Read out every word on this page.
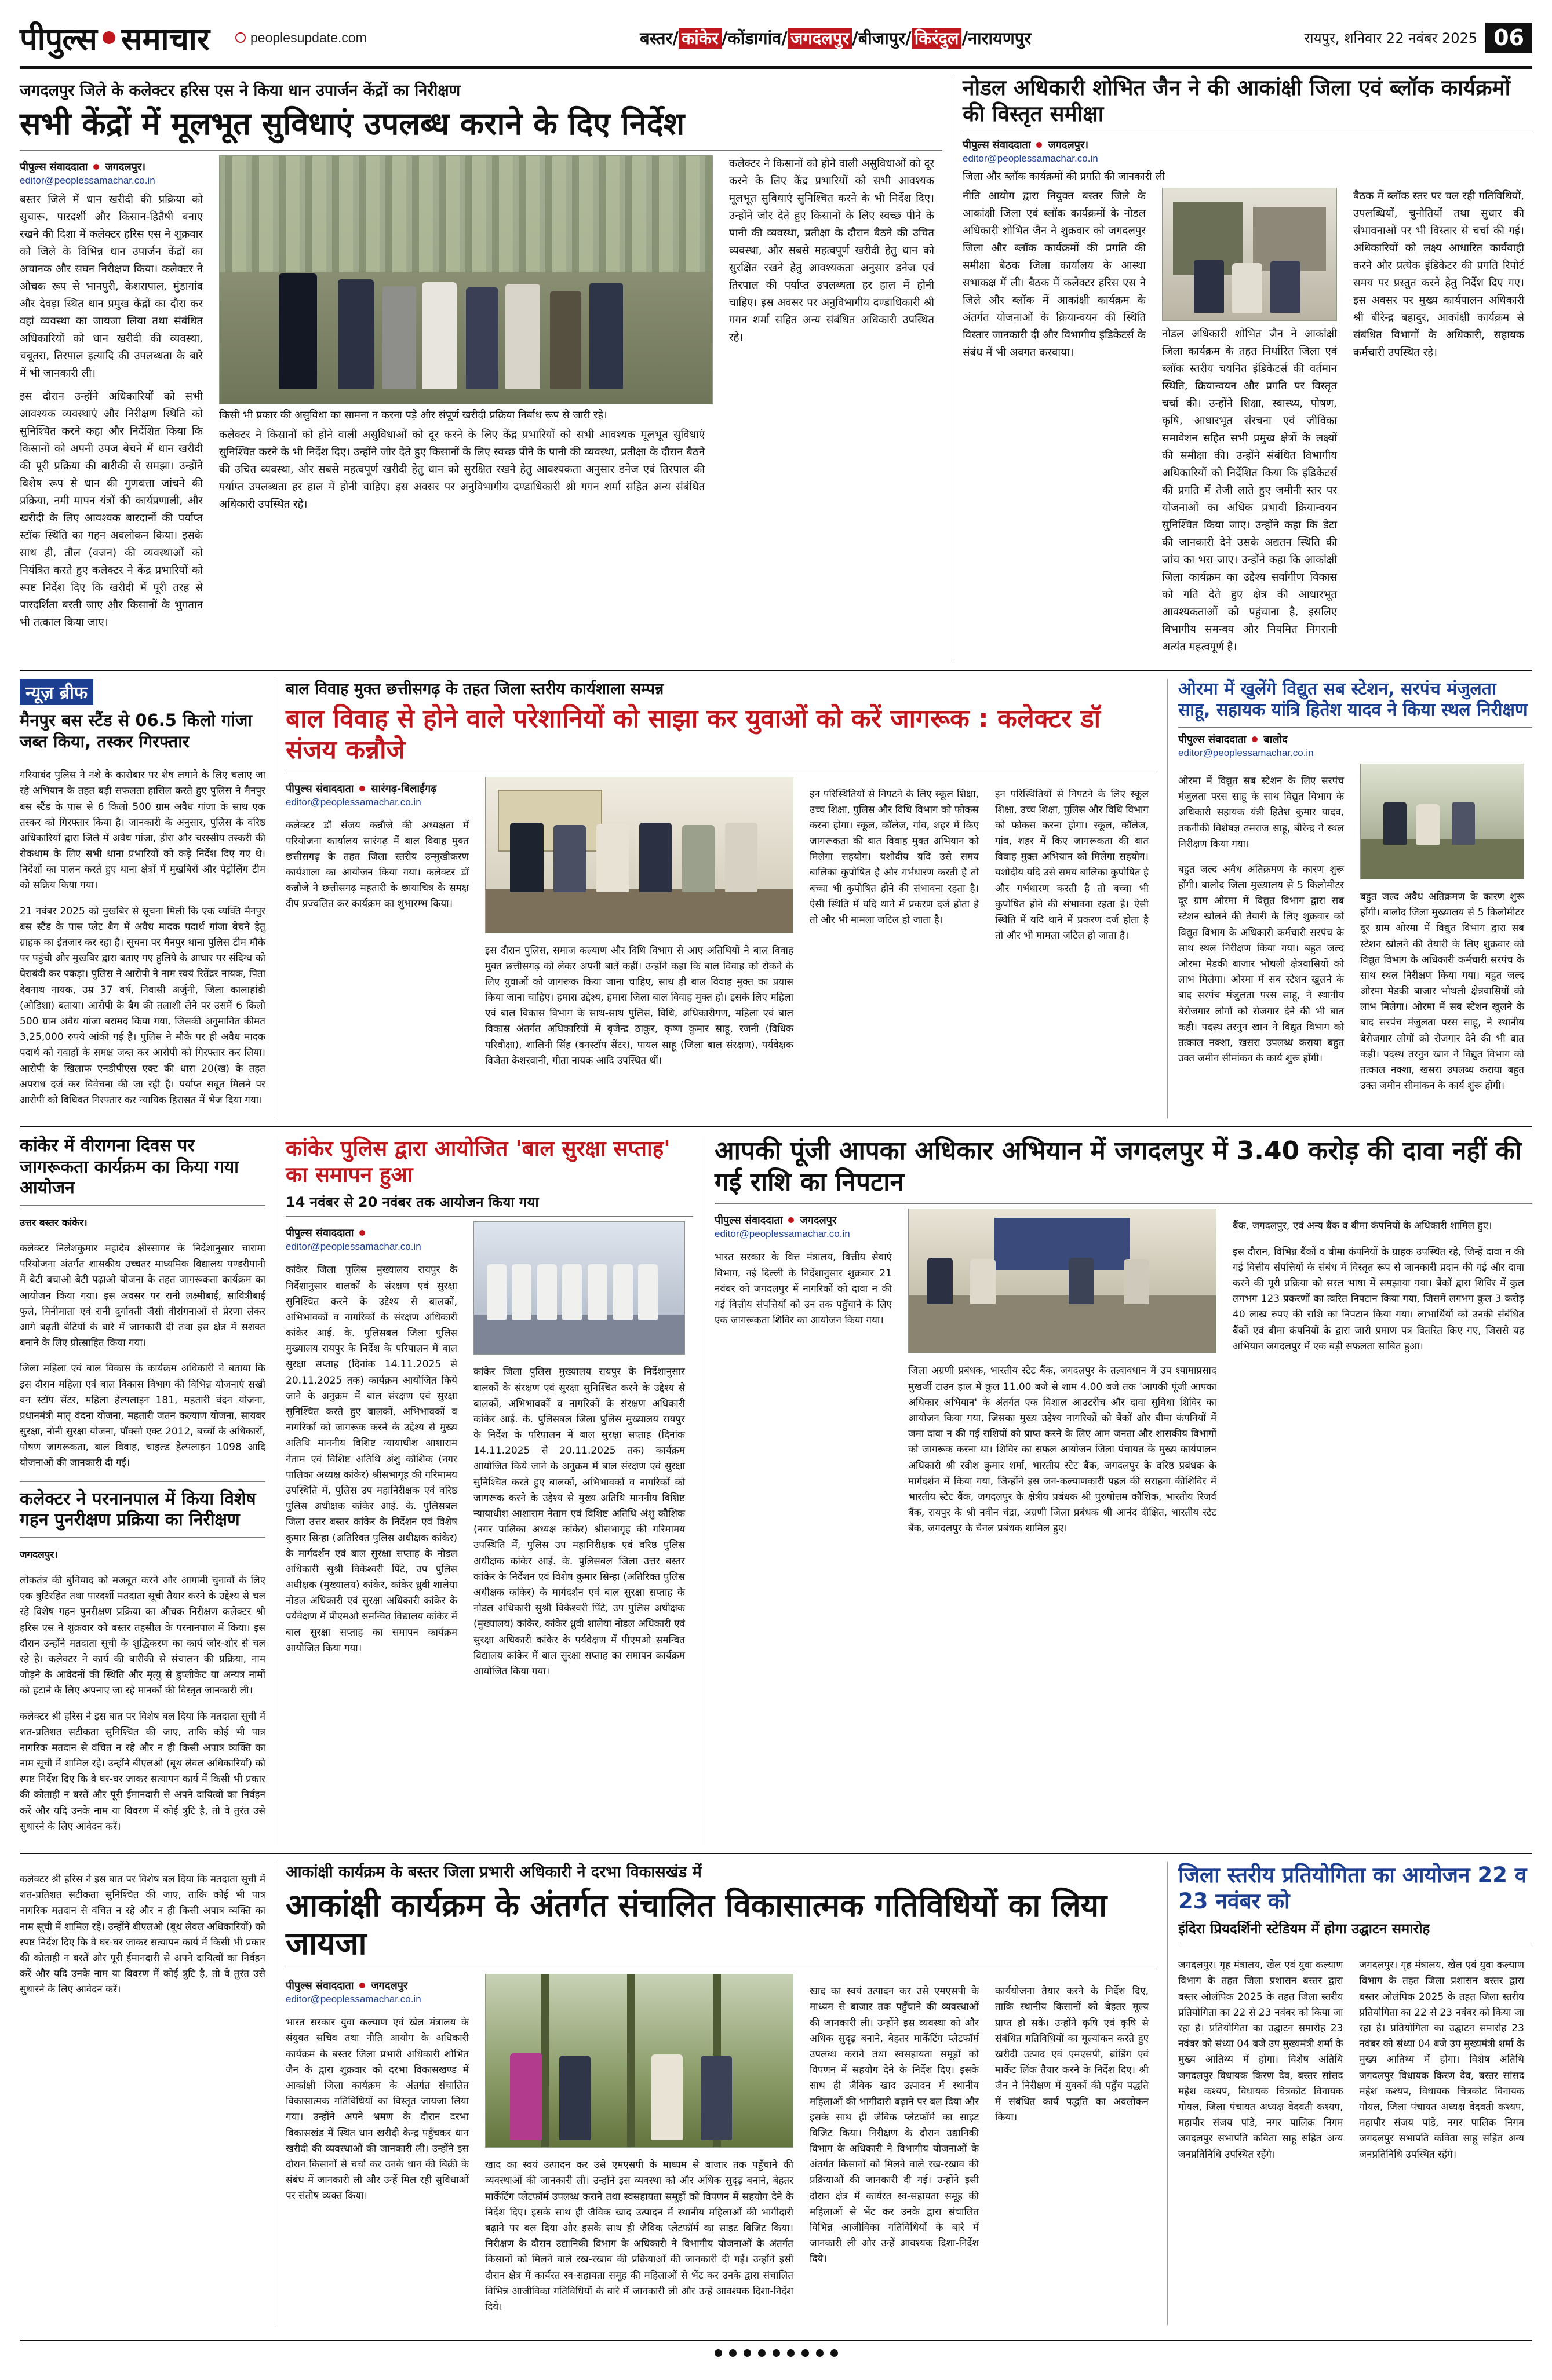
पीपुल्स समाचार	peoplesupdate.com	बस्तर/ कांकेर /कोंडागांव/ जगदलपुर /बीजापुर/ किरंदुल /नारायणपुर	रायपुर, शनिवार 22 नवंबर 2025 06
जगदलपुर जिले के कलेक्टर हरिस एस ने किया धान उपार्जन केंद्रों का निरीक्षण
सभी केंद्रों में मूलभूत सुविधाएं उपलब्ध कराने के दिए निर्देश
पीपुल्स संवाददाता जगदलपुर।
editor@peoplessamachar.co.in

बस्तर जिले में धान खरीदी की प्रक्रिया को सुचारू, पारदर्शी और किसान-हितैषी बनाए रखने की दिशा में कलेक्टर हरिस एस ने शुक्रवार को जिले के विभिन्न धान उपार्जन केंद्रों का अचानक और सघन निरीक्षण किया। कलेक्टर ने औचक रूप से भानपुरी, केशरापाल, मुंडागांव और देवड़ा स्थित धान प्रमुख केंद्रों का दौरा कर वहां व्यवस्था का जायजा लिया तथा संबंधित अधिकारियों को धान खरीदी की व्यवस्था, चबूतरा, तिरपाल इत्यादि की उपलब्धता के बारे में भी जानकारी ली।

इस दौरान उन्होंने अधिकारियों को सभी आवश्यक व्यवस्थाएं और निरीक्षण स्थिति को सुनिश्चित करने कहा और निर्देशित किया कि किसानों को अपनी उपज बेचने में धान खरीदी की पूरी प्रक्रिया की बारीकी से समझा। उन्होंने विशेष रूप से धान की गुणवत्ता जांचने की प्रक्रिया, नमी मापन यंत्रों की कार्यप्रणाली, और खरीदी के लिए आवश्यक बारदानों की पर्याप्त स्टॉक स्थिति का गहन अवलोकन किया। इसके साथ ही, तौल (वजन) की व्यवस्थाओं को नियंत्रित करते हुए कलेक्टर ने केंद्र प्रभारियों को स्पष्ट निर्देश दिए कि खरीदी में पूरी तरह से पारदर्शिता बरती जाए और किसानों के भुगतान भी तत्काल किया जाए।

किसी भी प्रकार की असुविधा का सामना न करना पड़े और संपूर्ण खरीदी प्रक्रिया निर्बाध रूप से जारी रहे।

कलेक्टर ने किसानों को होने वाली असुविधाओं को दूर करने के लिए केंद्र प्रभारियों को सभी आवश्यक मूलभूत सुविधाएं सुनिश्चित करने के भी निर्देश दिए। उन्होंने जोर देते हुए किसानों के लिए स्वच्छ पीने के पानी की व्यवस्था, प्रतीक्षा के दौरान बैठने की उचित व्यवस्था, और सबसे महत्वपूर्ण खरीदी हेतु धान को सुरक्षित रखने हेतु आवश्यकता अनुसार डनेज एवं तिरपाल की पर्याप्त उपलब्धता हर हाल में होनी चाहिए। इस अवसर पर अनुविभागीय दण्डाधिकारी श्री गगन शर्मा सहित अन्य संबंधित अधिकारी उपस्थित रहे।

कलेक्टर ने किसानों को होने वाली असुविधाओं को दूर करने के लिए केंद्र प्रभारियों को सभी आवश्यक मूलभूत सुविधाएं सुनिश्चित करने के भी निर्देश दिए। उन्होंने जोर देते हुए किसानों के लिए स्वच्छ पीने के पानी की व्यवस्था, प्रतीक्षा के दौरान बैठने की उचित व्यवस्था, और सबसे महत्वपूर्ण खरीदी हेतु धान को सुरक्षित रखने हेतु आवश्यकता अनुसार डनेज एवं तिरपाल की पर्याप्त उपलब्धता हर हाल में होनी चाहिए। इस अवसर पर अनुविभागीय दण्डाधिकारी श्री गगन शर्मा सहित अन्य संबंधित अधिकारी उपस्थित रहे।

नोडल अधिकारी शोभित जैन ने की आकांक्षी जिला एवं ब्लॉक कार्यक्रमों की विस्तृत समीक्षा
पीपुल्स संवाददाता जगदलपुर।
editor@peoplessamachar.co.in
जिला और ब्लॉक कार्यक्रमों की प्रगति की जानकारी ली

नीति आयोग द्वारा नियुक्त बस्तर जिले के आकांक्षी जिला एवं ब्लॉक कार्यक्रमों के नोडल अधिकारी शोभित जैन ने शुक्रवार को जगदलपुर जिला और ब्लॉक कार्यक्रमों की प्रगति की समीक्षा बैठक जिला कार्यालय के आस्था सभाकक्ष में ली। बैठक में कलेक्टर हरिस एस ने जिले और ब्लॉक में आकांक्षी कार्यक्रम के अंतर्गत योजनाओं के क्रियान्वयन की स्थिति विस्तार जानकारी दी और विभागीय इंडिकेटर्स के संबंध में भी अवगत करवाया।

नोडल अधिकारी शोभित जैन ने आकांक्षी जिला कार्यक्रम के तहत निर्धारित जिला एवं ब्लॉक स्तरीय चयनित इंडिकेटर्स की वर्तमान स्थिति, क्रियान्वयन और प्रगति पर विस्तृत चर्चा की। उन्होंने शिक्षा, स्वास्थ्य, पोषण, कृषि, आधारभूत संरचना एवं जीविका समावेशन सहित सभी प्रमुख क्षेत्रों के लक्ष्यों की समीक्षा की। उन्होंने संबंधित विभागीय अधिकारियों को निर्देशित किया कि इंडिकेटर्स की प्रगति में तेजी लाते हुए जमीनी स्तर पर योजनाओं का अधिक प्रभावी क्रियान्वयन सुनिश्चित किया जाए। उन्होंने कहा कि डेटा की जानकारी देने उसके अद्यतन स्थिति की जांच का भरा जाए। उन्होंने कहा कि आकांक्षी जिला कार्यक्रम का उद्देश्य सर्वांगीण विकास को गति देते हुए क्षेत्र की आधारभूत आवश्यकताओं को पहुंचाना है, इसलिए विभागीय समन्वय और नियमित निगरानी अत्यंत महत्वपूर्ण है।

बैठक में ब्लॉक स्तर पर चल रही गतिविधियों, उपलब्धियों, चुनौतियों तथा सुधार की संभावनाओं पर भी विस्तार से चर्चा की गई। अधिकारियों को लक्ष्य आधारित कार्यवाही करने और प्रत्येक इंडिकेटर की प्रगति रिपोर्ट समय पर प्रस्तुत करने हेतु निर्देश दिए गए। इस अवसर पर मुख्य कार्यपालन अधिकारी श्री बीरेन्द्र बहादुर, आकांक्षी कार्यक्रम से संबंधित विभागों के अधिकारी, सहायक कर्मचारी उपस्थित रहे।

न्यूज़ ब्रीफ
मैनपुर बस स्टैंड से 06.5 किलो गांजा जब्त किया, तस्कर गिरफ्तार

गरियाबंद पुलिस ने नशे के कारोबार पर शेष लगाने के लिए चलाए जा रहे अभियान के तहत बड़ी सफलता हासिल करते हुए पुलिस ने मैनपुर बस स्टैंड के पास से 6 किलो 500 ग्राम अवैध गांजा के साथ एक तस्कर को गिरफ्तार किया है। जानकारी के अनुसार, पुलिस के वरिष्ठ अधिकारियों द्वारा जिले में अवैध गांजा, हीरा और चरस्सीय तस्करी की रोकथाम के लिए सभी थाना प्रभारियों को कड़े निर्देश दिए गए थे। निर्देशों का पालन करते हुए थाना क्षेत्रों में मुखबिरों और पेट्रोलिंग टीम को सक्रिय किया गया।

21 नवंबर 2025 को मुखबिर से सूचना मिली कि एक व्यक्ति मैनपुर बस स्टैंड के पास प्लेट बैग में अवैध मादक पदार्थ गांजा बेचने हेतु ग्राहक का इंतजार कर रहा है। सूचना पर मैनपुर थाना पुलिस टीम मौके पर पहुंची और मुखबिर द्वारा बताए गए हुलिये के आधार पर संदिग्ध को घेराबंदी कर पकड़ा। पुलिस ने आरोपी ने नाम स्वयं रितेंद्रर नायक, पिता देवनाथ नायक, उम्र 37 वर्ष, निवासी अर्जुनी, जिला कालाहांडी (ओडिशा) बताया। आरोपी के बैग की तलाशी लेने पर उसमें 6 किलो 500 ग्राम अवैध गांजा बरामद किया गया, जिसकी अनुमानित कीमत 3,25,000 रुपये आंकी गई है। पुलिस ने मौके पर ही अवैध मादक पदार्थ को गवाहों के समक्ष जब्त कर आरोपी को गिरफ्तार कर लिया। आरोपी के खिलाफ एनडीपीएस एक्ट की धारा 20(ख) के तहत अपराध दर्ज कर विवेचना की जा रही है। पर्याप्त सबूत मिलने पर आरोपी को विधिवत गिरफ्तार कर न्यायिक हिरासत में भेज दिया गया।

बाल विवाह मुक्त छत्तीसगढ़ के तहत जिला स्तरीय कार्यशाला सम्पन्न
बाल विवाह से होने वाले परेशानियों को साझा कर युवाओं को करें जागरूक : कलेक्टर डॉ संजय कन्नौजे
पीपुल्स संवाददाता सारंगढ़-बिलाईगढ़
editor@peoplessamachar.co.in

कलेक्टर डॉ संजय कन्नौजे की अध्यक्षता में परियोजना कार्यालय सारंगढ़ में बाल विवाह मुक्त छत्तीसगढ़ के तहत जिला स्तरीय उन्मुखीकरण कार्यशाला का आयोजन किया गया। कलेक्टर डॉ कन्नौजे ने छत्तीसगढ़ महतारी के छायाचित्र के समक्ष दीप प्रज्वलित कर कार्यक्रम का शुभारम्भ किया।

इस दौरान पुलिस, समाज कल्याण और विधि विभाग से आए अतिथियों ने बाल विवाह मुक्त छत्तीसगढ़ को लेकर अपनी बातें कहीं। उन्होंने कहा कि बाल विवाह को रोकने के लिए युवाओं को जागरूक किया जाना चाहिए, साथ ही बाल विवाह मुक्त का प्रयास किया जाना चाहिए। हमारा उद्देश्य, हमारा जिला बाल विवाह मुक्त हो। इसके लिए महिला एवं बाल विकास विभाग के साथ-साथ पुलिस, विधि, अधिकारीगण, महिला एवं बाल विकास अंतर्गत अधिकारियों में बृजेन्द्र ठाकुर, कृष्ण कुमार साहू, रजनी (विधिक परिवीक्षा), शालिनी सिंह (वनस्टॉप सेंटर), पायल साहू (जिला बाल संरक्षण), पर्यवेक्षक विजेता केशरवानी, गीता नायक आदि उपस्थित थीं।

इन परिस्थितियों से निपटने के लिए स्कूल शिक्षा, उच्च शिक्षा, पुलिस और विधि विभाग को फोकस करना होगा। स्कूल, कॉलेज, गांव, शहर में किए जागरूकता की बात विवाह मुक्त अभियान को मिलेगा सहयोग। यशोदीय यदि उसे समय बालिका कुपोषित है और गर्भधारण करती है तो बच्चा भी कुपोषित होने की संभावना रहता है। ऐसी स्थिति में यदि थाने में प्रकरण दर्ज होता है तो और भी मामला जटिल हो जाता है।

इन परिस्थितियों से निपटने के लिए स्कूल शिक्षा, उच्च शिक्षा, पुलिस और विधि विभाग को फोकस करना होगा। स्कूल, कॉलेज, गांव, शहर में किए जागरूकता की बात विवाह मुक्त अभियान को मिलेगा सहयोग। यशोदीय यदि उसे समय बालिका कुपोषित है और गर्भधारण करती है तो बच्चा भी कुपोषित होने की संभावना रहता है। ऐसी स्थिति में यदि थाने में प्रकरण दर्ज होता है तो और भी मामला जटिल हो जाता है।

ओरमा में खुलेंगे विद्युत सब स्टेशन, सरपंच मंजुलता साहू, सहायक यांत्रि हितेश यादव ने किया स्थल निरीक्षण
पीपुल्स संवाददाता बालोद
editor@peoplessamachar.co.in

ओरमा में विद्युत सब स्टेशन के लिए सरपंच मंजुलता परस साहू के साथ विद्युत विभाग के अधिकारी सहायक यंत्री हितेश कुमार यादव, तकनीकी विशेषज्ञ तमराज साहू, बीरेन्द्र ने स्थल निरीक्षण किया गया।

बहुत जल्द अवैध अतिक्रमण के कारण शुरू होंगी। बालोद जिला मुख्यालय से 5 किलोमीटर दूर ग्राम ओरमा में विद्युत विभाग द्वारा सब स्टेशन खोलने की तैयारी के लिए शुक्रवार को विद्युत विभाग के अधिकारी कर्मचारी सरपंच के साथ स्थल निरीक्षण किया गया। बहुत जल्द ओरमा मेडकी बाजार भोथली क्षेत्रवासियों को लाभ मिलेगा। ओरमा में सब स्टेशन खुलने के बाद सरपंच मंजुलता परस साहू, ने स्थानीय बेरोजगार लोगों को रोजगार देने की भी बात कही। पदस्थ तरनुन खान ने विद्युत विभाग को तत्काल नक्शा, खसरा उपलब्ध कराया बहुत उक्त जमीन सीमांकन के कार्य शुरू होंगी।

बहुत जल्द अवैध अतिक्रमण के कारण शुरू होंगी। बालोद जिला मुख्यालय से 5 किलोमीटर दूर ग्राम ओरमा में विद्युत विभाग द्वारा सब स्टेशन खोलने की तैयारी के लिए शुक्रवार को विद्युत विभाग के अधिकारी कर्मचारी सरपंच के साथ स्थल निरीक्षण किया गया। बहुत जल्द ओरमा मेडकी बाजार भोथली क्षेत्रवासियों को लाभ मिलेगा। ओरमा में सब स्टेशन खुलने के बाद सरपंच मंजुलता परस साहू, ने स्थानीय बेरोजगार लोगों को रोजगार देने की भी बात कही। पदस्थ तरनुन खान ने विद्युत विभाग को तत्काल नक्शा, खसरा उपलब्ध कराया बहुत उक्त जमीन सीमांकन के कार्य शुरू होंगी।

कांकेर में वीरागना दिवस पर जागरूकता कार्यक्रम का किया गया आयोजन

उत्तर बस्तर कांकेर।

कलेक्टर निलेशकुमार महादेव क्षीरसागर के निर्देशानुसार चारामा परियोजना अंतर्गत शासकीय उच्चतर माध्यमिक विद्यालय पण्डरीपानी में बेटी बचाओ बेटी पढ़ाओ योजना के तहत जागरूकता कार्यक्रम का आयोजन किया गया। इस अवसर पर रानी लक्ष्मीबाई, सावित्रीबाई फुले, मिनीमाता एवं रानी दुर्गावती जैसी वीरांगनाओं से प्रेरणा लेकर आगे बढ़ती बेटियों के बारे में जानकारी दी तथा इस क्षेत्र में सशक्त बनाने के लिए प्रोत्साहित किया गया।

जिला महिला एवं बाल विकास के कार्यक्रम अधिकारी ने बताया कि इस दौरान महिला एवं बाल विकास विभाग की विभिन्न योजनाएं सखी वन स्टॉप सेंटर, महिला हेल्पलाइन 181, महतारी वंदन योजना, प्रधानमंत्री मातृ वंदना योजना, महतारी जतन कल्याण योजना, सायबर सुरक्षा, नोनी सुरक्षा योजना, पॉक्सो एक्ट 2012, बच्चों के अधिकारों, पोषण जागरूकता, बाल विवाह, चाइल्ड हेल्पलाइन 1098 आदि योजनाओं की जानकारी दी गई।

कलेक्टर ने परनानपाल में किया विशेष गहन पुनरीक्षण प्रक्रिया का निरीक्षण

जगदलपुर।

लोकतंत्र की बुनियाद को मजबूत करने और आगामी चुनावों के लिए एक त्रुटिरहित तथा पारदर्शी मतदाता सूची तैयार करने के उद्देश्य से चल रहे विशेष गहन पुनरीक्षण प्रक्रिया का औचक निरीक्षण कलेक्टर श्री हरिस एस ने शुक्रवार को बस्तर तहसील के परनानपाल में किया। इस दौरान उन्होंने मतदाता सूची के शुद्धिकरण का कार्य जोर-शोर से चल रहे है। कलेक्टर ने कार्य की बारीकी से संचालन की प्रक्रिया, नाम जोड़ने के आवेदनों की स्थिति और मृत्यु से डुप्लीकेट या अन्यत्र नामों को हटाने के लिए अपनाए जा रहे मानकों की विस्तृत जानकारी ली।

कलेक्टर श्री हरिस ने इस बात पर विशेष बल दिया कि मतदाता सूची में शत-प्रतिशत सटीकता सुनिश्चित की जाए, ताकि कोई भी पात्र नागरिक मतदान से वंचित न रहे और न ही किसी अपात्र व्यक्ति का नाम सूची में शामिल रहे। उन्होंने बीएलओ (बूथ लेवल अधिकारियों) को स्पष्ट निर्देश दिए कि वे घर-घर जाकर सत्यापन कार्य में किसी भी प्रकार की कोताही न बरतें और पूरी ईमानदारी से अपने दायित्वों का निर्वहन करें और यदि उनके नाम या विवरण में कोई त्रुटि है, तो वे तुरंत उसे सुधारने के लिए आवेदन करें।

कांकेर पुलिस द्वारा आयोजित 'बाल सुरक्षा सप्ताह' का समापन हुआ
14 नवंबर से 20 नवंबर तक आयोजन किया गया
पीपुल्स संवाददाता
editor@peoplessamachar.co.in

कांकेर जिला पुलिस मुख्यालय रायपुर के निर्देशानुसार बालकों के संरक्षण एवं सुरक्षा सुनिश्चित करने के उद्देश्य से बालकों, अभिभावकों व नागरिकों के संरक्षण अधिकारी कांकेर आई. के. पुलिसबल जिला पुलिस मुख्यालय रायपुर के निर्देश के परिपालन में बाल सुरक्षा सप्ताह (दिनांक 14.11.2025 से 20.11.2025 तक) कार्यक्रम आयोजित किये जाने के अनुक्रम में बाल संरक्षण एवं सुरक्षा सुनिश्चित करते हुए बालकों, अभिभावकों व नागरिकों को जागरूक करने के उद्देश्य से मुख्य अतिथि माननीय विशिष्ट न्यायाधीश आशाराम नेताम एवं विशिष्ट अतिथि अंशु कौशिक (नगर पालिका अध्यक्ष कांकेर) श्रीसभागृह की गरिमामय उपस्थिति में, पुलिस उप महानिरीक्षक एवं वरिष्ठ पुलिस अधीक्षक कांकेर आई. के. पुलिसबल जिला उत्तर बस्तर कांकेर के निर्देशन एवं विशेष कुमार सिन्हा (अतिरिक्त पुलिस अधीक्षक कांकेर) के मार्गदर्शन एवं बाल सुरक्षा सप्ताह के नोडल अधिकारी सुश्री विकेश्वरी पिंटे, उप पुलिस अधीक्षक (मुख्यालय) कांकेर, कांकेर ध्रुवी शालेया नोडल अधिकारी एवं सुरक्षा अधिकारी कांकेर के पर्यवेक्षण में पीएमओ समन्वित विद्यालय कांकेर में बाल सुरक्षा सप्ताह का समापन कार्यक्रम आयोजित किया गया।

कांकेर जिला पुलिस मुख्यालय रायपुर के निर्देशानुसार बालकों के संरक्षण एवं सुरक्षा सुनिश्चित करने के उद्देश्य से बालकों, अभिभावकों व नागरिकों के संरक्षण अधिकारी कांकेर आई. के. पुलिसबल जिला पुलिस मुख्यालय रायपुर के निर्देश के परिपालन में बाल सुरक्षा सप्ताह (दिनांक 14.11.2025 से 20.11.2025 तक) कार्यक्रम आयोजित किये जाने के अनुक्रम में बाल संरक्षण एवं सुरक्षा सुनिश्चित करते हुए बालकों, अभिभावकों व नागरिकों को जागरूक करने के उद्देश्य से मुख्य अतिथि माननीय विशिष्ट न्यायाधीश आशाराम नेताम एवं विशिष्ट अतिथि अंशु कौशिक (नगर पालिका अध्यक्ष कांकेर) श्रीसभागृह की गरिमामय उपस्थिति में, पुलिस उप महानिरीक्षक एवं वरिष्ठ पुलिस अधीक्षक कांकेर आई. के. पुलिसबल जिला उत्तर बस्तर कांकेर के निर्देशन एवं विशेष कुमार सिन्हा (अतिरिक्त पुलिस अधीक्षक कांकेर) के मार्गदर्शन एवं बाल सुरक्षा सप्ताह के नोडल अधिकारी सुश्री विकेश्वरी पिंटे, उप पुलिस अधीक्षक (मुख्यालय) कांकेर, कांकेर ध्रुवी शालेया नोडल अधिकारी एवं सुरक्षा अधिकारी कांकेर के पर्यवेक्षण में पीएमओ समन्वित विद्यालय कांकेर में बाल सुरक्षा सप्ताह का समापन कार्यक्रम आयोजित किया गया।

आपकी पूंजी आपका अधिकार अभियान में जगदलपुर में 3.40 करोड़ की दावा नहीं की गई राशि का निपटान
पीपुल्स संवाददाता जगदलपुर
editor@peoplessamachar.co.in

भारत सरकार के वित्त मंत्रालय, वित्तीय सेवाएं विभाग, नई दिल्ली के निर्देशानुसार शुक्रवार 21 नवंबर को जगदलपुर में नागरिकों को दावा न की गई वित्तीय संपत्तियों को उन तक पहुँचाने के लिए एक जागरूकता शिविर का आयोजन किया गया।

जिला अग्रणी प्रबंधक, भारतीय स्टेट बैंक, जगदलपुर के तत्वावधान में उप श्यामाप्रसाद मुखर्जी टाउन हाल में कुल 11.00 बजे से शाम 4.00 बजे तक 'आपकी पूंजी आपका अधिकार अभियान' के अंतर्गत एक विशाल आउटरीच और दावा सुविधा शिविर का आयोजन किया गया, जिसका मुख्य उद्देश्य नागरिकों को बैंकों और बीमा कंपनियों में जमा दावा न की गई राशियों को प्राप्त करने के लिए आम जनता और शासकीय विभागों को जागरूक करना था। शिविर का सफल आयोजन जिला पंचायत के मुख्य कार्यपालन अधिकारी श्री रवीश कुमार शर्मा, भारतीय स्टेट बैंक, जगदलपुर के वरिष्ठ प्रबंधक के मार्गदर्शन में किया गया, जिन्होंने इस जन-कल्याणकारी पहल की सराहना कीशिविर में भारतीय स्टेट बैंक, जगदलपुर के क्षेत्रीय प्रबंधक श्री पुरुषोत्तम कौशिक, भारतीय रिजर्व बैंक, रायपुर के श्री नवीन चंद्रा, अग्रणी जिला प्रबंधक श्री आनंद दीक्षित, भारतीय स्टेट बैंक, जगदलपुर के चैनल प्रबंधक शामिल हुए।

बैंक, जगदलपुर, एवं अन्य बैंक व बीमा कंपनियों के अधिकारी शामिल हुए।

इस दौरान, विभिन्न बैंकों व बीमा कंपनियों के ग्राहक उपस्थित रहे, जिन्हें दावा न की गई वित्तीय संपत्तियों के संबंध में विस्तृत रूप से जानकारी प्रदान की गई और दावा करने की पूरी प्रक्रिया को सरल भाषा में समझाया गया। बैंकों द्वारा शिविर में कुल लगभग 123 प्रकरणों का त्वरित निपटान किया गया, जिसमें लगभग कुल 3 करोड़ 40 लाख रुपए की राशि का निपटान किया गया। लाभार्थियों को उनकी संबंधित बैंकों एवं बीमा कंपनियों के द्वारा जारी प्रमाण पत्र वितरित किए गए, जिससे यह अभियान जगदलपुर में एक बड़ी सफलता साबित हुआ।

कलेक्टर श्री हरिस ने इस बात पर विशेष बल दिया कि मतदाता सूची में शत-प्रतिशत सटीकता सुनिश्चित की जाए, ताकि कोई भी पात्र नागरिक मतदान से वंचित न रहे और न ही किसी अपात्र व्यक्ति का नाम सूची में शामिल रहे। उन्होंने बीएलओ (बूथ लेवल अधिकारियों) को स्पष्ट निर्देश दिए कि वे घर-घर जाकर सत्यापन कार्य में किसी भी प्रकार की कोताही न बरतें और पूरी ईमानदारी से अपने दायित्वों का निर्वहन करें और यदि उनके नाम या विवरण में कोई त्रुटि है, तो वे तुरंत उसे सुधारने के लिए आवेदन करें।

आकांक्षी कार्यक्रम के बस्तर जिला प्रभारी अधिकारी ने दरभा विकासखंड में
आकांक्षी कार्यक्रम के अंतर्गत संचालित विकासात्मक गतिविधियों का लिया जायजा
पीपुल्स संवाददाता जगदलपुर
editor@peoplessamachar.co.in

भारत सरकार युवा कल्याण एवं खेल मंत्रालय के संयुक्त सचिव तथा नीति आयोग के अधिकारी कार्यक्रम के बस्तर जिला प्रभारी अधिकारी शोभित जैन के द्वारा शुक्रवार को दरभा विकासखण्ड में आकांक्षी जिला कार्यक्रम के अंतर्गत संचालित विकासात्मक गतिविधियों का विस्तृत जायजा लिया गया। उन्होंने अपने भ्रमण के दौरान दरभा विकासखंड में स्थित धान खरीदी केन्द्र पहुँचकर धान खरीदी की व्यवस्थाओं की जानकारी ली। उन्होंने इस दौरान किसानों से चर्चा कर उनके धान की बिक्री के संबंध में जानकारी ली और उन्हें मिल रही सुविधाओं पर संतोष व्यक्त किया।

खाद का स्वयं उत्पादन कर उसे एमएसपी के माध्यम से बाजार तक पहुँचाने की व्यवस्थाओं की जानकारी ली। उन्होंने इस व्यवस्था को और अधिक सुदृढ़ बनाने, बेहतर मार्केटिंग प्लेटफॉर्म उपलब्ध कराने तथा स्वसहायता समूहों को विपणन में सहयोग देने के निर्देश दिए। इसके साथ ही जैविक खाद उत्पादन में स्थानीय महिलाओं की भागीदारी बढ़ाने पर बल दिया और इसके साथ ही जैविक प्लेटफॉर्म का साइट विजिट किया। निरीक्षण के दौरान उद्यानिकी विभाग के अधिकारी ने विभागीय योजनाओं के अंतर्गत किसानों को मिलने वाले रख-रखाव की प्रक्रियाओं की जानकारी दी गई। उन्होंने इसी दौरान क्षेत्र में कार्यरत स्व-सहायता समूह की महिलाओं से भेंट कर उनके द्वारा संचालित विभिन्न आजीविका गतिविधियों के बारे में जानकारी ली और उन्हें आवश्यक दिशा-निर्देश दिये।

खाद का स्वयं उत्पादन कर उसे एमएसपी के माध्यम से बाजार तक पहुँचाने की व्यवस्थाओं की जानकारी ली। उन्होंने इस व्यवस्था को और अधिक सुदृढ़ बनाने, बेहतर मार्केटिंग प्लेटफॉर्म उपलब्ध कराने तथा स्वसहायता समूहों को विपणन में सहयोग देने के निर्देश दिए। इसके साथ ही जैविक खाद उत्पादन में स्थानीय महिलाओं की भागीदारी बढ़ाने पर बल दिया और इसके साथ ही जैविक प्लेटफॉर्म का साइट विजिट किया। निरीक्षण के दौरान उद्यानिकी विभाग के अधिकारी ने विभागीय योजनाओं के अंतर्गत किसानों को मिलने वाले रख-रखाव की प्रक्रियाओं की जानकारी दी गई। उन्होंने इसी दौरान क्षेत्र में कार्यरत स्व-सहायता समूह की महिलाओं से भेंट कर उनके द्वारा संचालित विभिन्न आजीविका गतिविधियों के बारे में जानकारी ली और उन्हें आवश्यक दिशा-निर्देश दिये।

कार्ययोजना तैयार करने के निर्देश दिए, ताकि स्थानीय किसानों को बेहतर मूल्य प्राप्त हो सकें। उन्होंने कृषि एवं कृषि से संबंधित गतिविधियों का मूल्यांकन करते हुए खरीदी उत्पाद एवं एमएसपी, ब्रांडिंग एवं मार्केट लिंक तैयार करने के निर्देश दिए। श्री जैन ने निरीक्षण में युवकों की पहुँच पद्धति में संबंधित कार्य पद्धति का अवलोकन किया।

जिला स्तरीय प्रतियोगिता का आयोजन 22 व 23 नवंबर को
इंदिरा प्रियदर्शिनी स्टेडियम में होगा उद्घाटन समारोह

जगदलपुर। गृह मंत्रालय, खेल एवं युवा कल्याण विभाग के तहत जिला प्रशासन बस्तर द्वारा बस्तर ओलंपिक 2025 के तहत जिला स्तरीय प्रतियोगिता का 22 से 23 नवंबर को किया जा रहा है। प्रतियोगिता का उद्घाटन समारोह 23 नवंबर को संध्या 04 बजे उप मुख्यमंत्री शर्मा के मुख्य आतिथ्य में होगा। विशेष अतिथि जगदलपुर विधायक किरण देव, बस्तर सांसद महेश कश्यप, विधायक चित्रकोट विनायक गोयल, जिला पंचायत अध्यक्ष वेदवती कश्यप, महापौर संजय पांडे, नगर पालिक निगम जगदलपुर सभापति कविता साहू सहित अन्य जनप्रतिनिधि उपस्थित रहेंगे।

जगदलपुर। गृह मंत्रालय, खेल एवं युवा कल्याण विभाग के तहत जिला प्रशासन बस्तर द्वारा बस्तर ओलंपिक 2025 के तहत जिला स्तरीय प्रतियोगिता का 22 से 23 नवंबर को किया जा रहा है। प्रतियोगिता का उद्घाटन समारोह 23 नवंबर को संध्या 04 बजे उप मुख्यमंत्री शर्मा के मुख्य आतिथ्य में होगा। विशेष अतिथि जगदलपुर विधायक किरण देव, बस्तर सांसद महेश कश्यप, विधायक चित्रकोट विनायक गोयल, जिला पंचायत अध्यक्ष वेदवती कश्यप, महापौर संजय पांडे, नगर पालिक निगम जगदलपुर सभापति कविता साहू सहित अन्य जनप्रतिनिधि उपस्थित रहेंगे।
